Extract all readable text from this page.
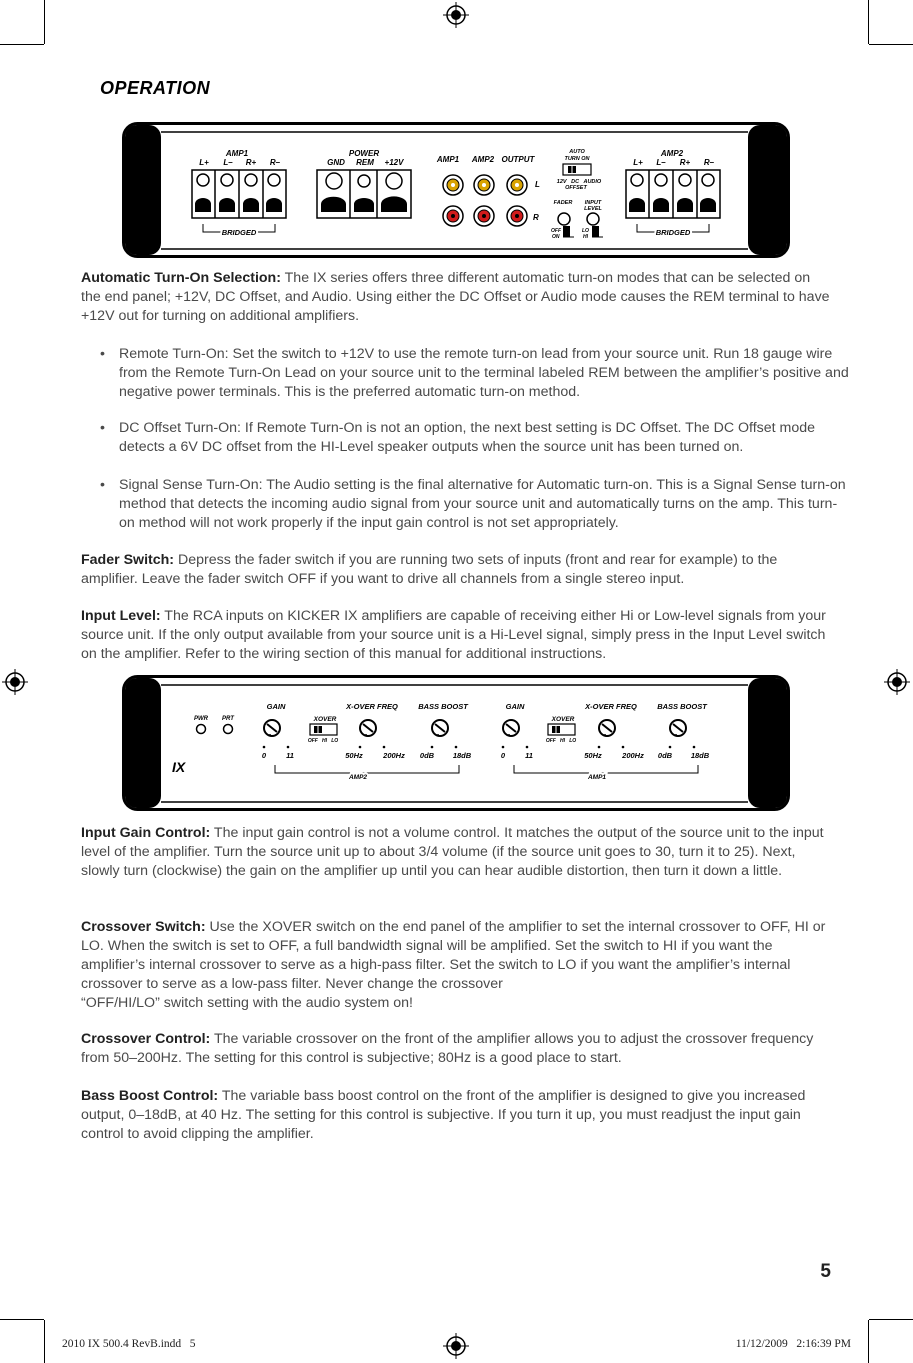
OPERATION
AMP1
L+ L– R+ R–
BRIDGED
POWER
GND REM +12V	AMP1 AMP2 OUTPUT
L
R
AUTO
TURN ON
12V   DC   AUDIO
OFFSET
FADER INPUT
LEVEL
OFF
ON
LO
HI
AMP2
L+ L– R+ R–
BRIDGED

Automatic Turn-On Selection: The IX series offers three different automatic turn-on modes that can be selected on the end panel; +12V, DC Offset, and Audio. Using either the DC Offset or Audio mode causes the REM terminal to have +12V out for turning on additional amplifiers.

• Remote Turn-On: Set the switch to +12V to use the remote turn-on lead from your source unit. Run 18 gauge wire from the Remote Turn-On Lead on your source unit to the terminal labeled REM between the amplifier’s positive and negative power terminals. This is the preferred automatic turn-on method.
• DC Offset Turn-On: If Remote Turn-On is not an option, the next best setting is DC Offset. The DC Offset mode detects a 6V DC offset from the HI-Level speaker outputs when the source unit has been turned on.
• Signal Sense Turn-On: The Audio setting is the final alternative for Automatic turn-on. This is a Signal Sense turn-on method that detects the incoming audio signal from your source unit and automatically turns on the amp. This turn-on method will not work properly if the input gain control is not set appropriately.

Fader Switch: Depress the fader switch if you are running two sets of inputs (front and rear for example) to the amplifier. Leave the fader switch OFF if you want to drive all channels from a single stereo input.

Input Level: The RCA inputs on KICKER IX amplifiers are capable of receiving either Hi or Low-level signals from your source unit. If the only output available from your source unit is a Hi-Level signal, simply press in the Input Level switch on the amplifier. Refer to the wiring section of this manual for additional instructions.

PWR PRT
IX
GAIN	X-OVER FREQ
XOVER
OFF   HI   LO
BASS BOOST
0	11	50Hz	200Hz 0dB 18dB
AMP2
GAIN	X-OVER FREQ
XOVER
OFF   HI   LO
BASS BOOST
0	11	50Hz	200Hz 0dB 18dB
AMP1

Input Gain Control: The input gain control is not a volume control. It matches the output of the source unit to the input level of the amplifier. Turn the source unit up to about 3/4 volume (if the source unit goes to 30, turn it to 25). Next, slowly turn (clockwise) the gain on the amplifier up until you can hear audible distortion, then turn it down a little.

Crossover Switch: Use the XOVER switch on the end panel of the amplifier to set the internal crossover to OFF, HI or LO. When the switch is set to OFF, a full bandwidth signal will be amplified. Set the switch to HI if you want the amplifier’s internal crossover to serve as a high-pass filter. Set the switch to LO if you want the amplifier’s internal crossover to serve as a low-pass filter. Never change the crossover
“OFF/HI/LO” switch setting with the audio system on!

Crossover Control: The variable crossover on the front of the amplifier allows you to adjust the crossover frequency from 50–200Hz. The setting for this control is subjective; 80Hz is a good place to start.

Bass Boost Control: The variable bass boost control on the front of the amplifier is designed to give you increased output, 0–18dB, at 40 Hz. The setting for this control is subjective. If you turn it up, you must readjust the input gain control to avoid clipping the amplifier.

5
2010 IX 500.4 RevB.indd   5	11/12/2009   2:16:39 PM
